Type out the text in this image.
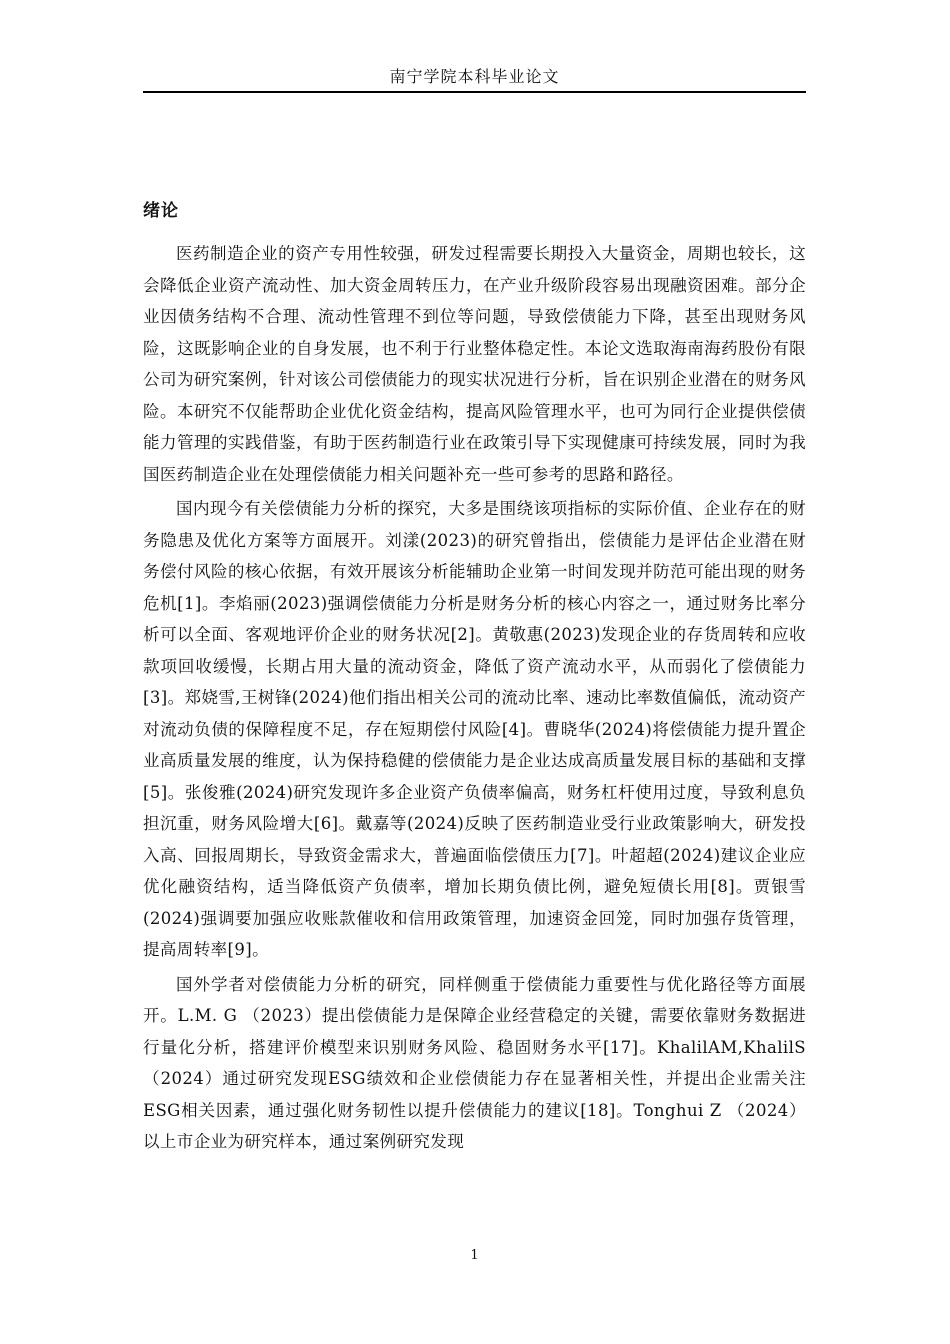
南宁学院本科毕业论文
绪论

医药制造企业的资产专用性较强，研发过程需要长期投入大量资金，周期也较长，这会降低企业资产流动性、加大资金周转压力，在产业升级阶段容易出现融资困难。部分企业因债务结构不合理、流动性管理不到位等问题，导致偿债能力下降，甚至出现财务风险，这既影响企业的自身发展，也不利于行业整体稳定性。本论文选取海南海药股份有限公司为研究案例，针对该公司偿债能力的现实状况进行分析，旨在识别企业潜在的财务风险。本研究不仅能帮助企业优化资金结构，提高风险管理水平，也可为同行企业提供偿债能力管理的实践借鉴，有助于医药制造行业在政策引导下实现健康可持续发展，同时为我国医药制造企业在处理偿债能力相关问题补充一些可参考的思路和路径。

国内现今有关偿债能力分析的探究，大多是围绕该项指标的实际价值、企业存在的财务隐患及优化方案等方面展开。刘漾(2023)的研究曾指出，偿债能力是评估企业潜在财务偿付风险的核心依据，有效开展该分析能辅助企业第一时间发现并防范可能出现的财务危机[1]。李焰丽(2023)强调偿债能力分析是财务分析的核心内容之一，通过财务比率分析可以全面、客观地评价企业的财务状况[2]。黄敬惠(2023)发现企业的存货周转和应收款项回收缓慢，长期占用大量的流动资金，降低了资产流动水平，从而弱化了偿债能力[3]。郑娆雪,王树锋(2024)他们指出相关公司的流动比率、速动比率数值偏低，流动资产对流动负债的保障程度不足，存在短期偿付风险[4]。曹晓华(2024)将偿债能力提升置企业高质量发展的维度，认为保持稳健的偿债能力是企业达成高质量发展目标的基础和支撑[5]。张俊雅(2024)研究发现许多企业资产负债率偏高，财务杠杆使用过度，导致利息负担沉重，财务风险增大[6]。戴嘉等(2024)反映了医药制造业受行业政策影响大，研发投入高、回报周期长，导致资金需求大，普遍面临偿债压力[7]。叶超超(2024)建议企业应优化融资结构，适当降低资产负债率，增加长期负债比例，避免短债长用[8]。贾银雪(2024)强调要加强应收账款催收和信用政策管理，加速资金回笼，同时加强存货管理，提高周转率[9]。

国外学者对偿债能力分析的研究，同样侧重于偿债能力重要性与优化路径等方面展开。L.M. G （2023）提出偿债能力是保障企业经营稳定的关键，需要依靠财务数据进行量化分析，搭建评价模型来识别财务风险、稳固财务水平[17]。KhalilAM,KhalilS（2024）通过研究发现ESG绩效和企业偿债能力存在显著相关性，并提出企业需关注ESG相关因素，通过强化财务韧性以提升偿债能力的建议[18]。Tonghui Z （2024）以上市企业为研究样本，通过案例研究发现

1
